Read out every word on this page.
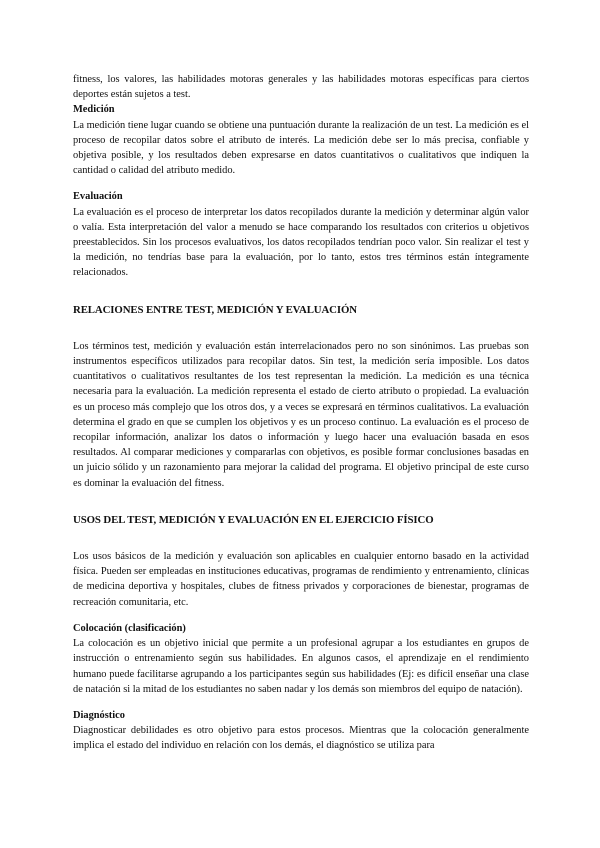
fitness, los valores, las habilidades motoras generales y las habilidades motoras específicas para ciertos deportes están sujetos a test.

Medición

La medición tiene lugar cuando se obtiene una puntuación durante la realización de un test. La medición es el proceso de recopilar datos sobre el atributo de interés. La medición debe ser lo más precisa, confiable y objetiva posible, y los resultados deben expresarse en datos cuantitativos o cualitativos que indiquen la cantidad o calidad del atributo medido.

Evaluación

La evaluación es el proceso de interpretar los datos recopilados durante la medición y determinar algún valor o valía. Esta interpretación del valor a menudo se hace comparando los resultados con criterios u objetivos preestablecidos. Sin los procesos evaluativos, los datos recopilados tendrían poco valor. Sin realizar el test y la medición, no tendrías base para la evaluación, por lo tanto, estos tres términos están íntegramente relacionados.

RELACIONES ENTRE TEST, MEDICIÓN Y EVALUACIÓN

Los términos test, medición y evaluación están interrelacionados pero no son sinónimos. Las pruebas son instrumentos específicos utilizados para recopilar datos. Sin test, la medición sería imposible. Los datos cuantitativos o cualitativos resultantes de los test representan la medición. La medición es una técnica necesaria para la evaluación. La medición representa el estado de cierto atributo o propiedad. La evaluación es un proceso más complejo que los otros dos, y a veces se expresará en términos cualitativos. La evaluación determina el grado en que se cumplen los objetivos y es un proceso continuo. La evaluación es el proceso de recopilar información, analizar los datos o información y luego hacer una evaluación basada en esos resultados. Al comparar mediciones y compararlas con objetivos, es posible formar conclusiones basadas en un juicio sólido y un razonamiento para mejorar la calidad del programa. El objetivo principal de este curso es dominar la evaluación del fitness.

USOS DEL TEST, MEDICIÓN Y EVALUACIÓN EN EL EJERCICIO FÍSICO

Los usos básicos de la medición y evaluación son aplicables en cualquier entorno basado en la actividad física. Pueden ser empleadas en instituciones educativas, programas de rendimiento y entrenamiento, clínicas de medicina deportiva y hospitales, clubes de fitness privados y corporaciones de bienestar, programas de recreación comunitaria, etc.

Colocación (clasificación)

La colocación es un objetivo inicial que permite a un profesional agrupar a los estudiantes en grupos de instrucción o entrenamiento según sus habilidades. En algunos casos, el aprendizaje en el rendimiento humano puede facilitarse agrupando a los participantes según sus habilidades (Ej: es difícil enseñar una clase de natación si la mitad de los estudiantes no saben nadar y los demás son miembros del equipo de natación).

Diagnóstico

Diagnosticar debilidades es otro objetivo para estos procesos. Mientras que la colocación generalmente implica el estado del individuo en relación con los demás, el diagnóstico se utiliza para
